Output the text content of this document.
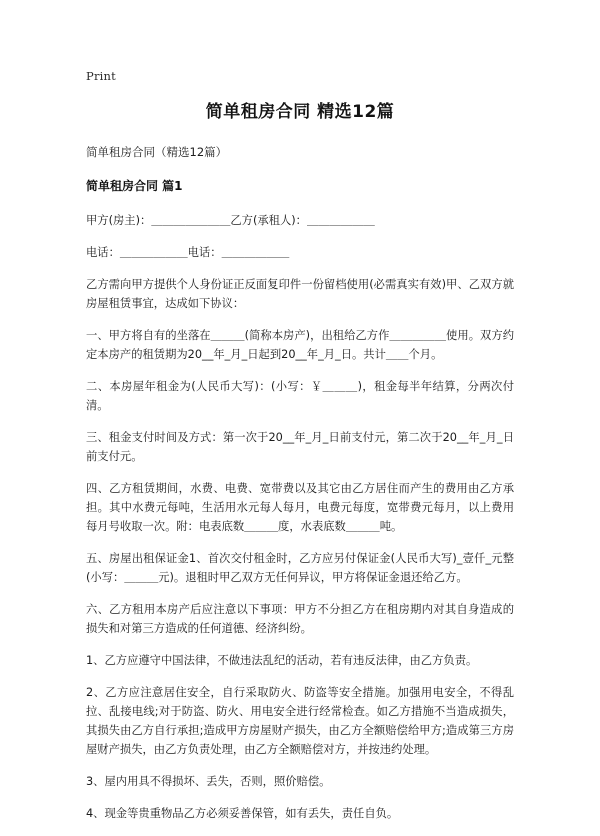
Print
简单租房合同 精选12篇

简单租房合同（精选12篇）

简单租房合同 篇1

甲方(房主)：＿＿＿＿＿＿＿乙方(承租人)：＿＿＿＿＿＿

电话：＿＿＿＿＿＿电话：＿＿＿＿＿＿

乙方需向甲方提供个人身份证正反面复印件一份留档使用(必需真实有效)甲、乙双方就房屋租赁事宜，达成如下协议：

一、甲方将自有的坐落在＿＿＿(简称本房产)，出租给乙方作＿＿＿＿＿使用。双方约定本房产的租赁期为20__年_月_日起到20__年_月_日。共计＿＿个月。

二、本房屋年租金为(人民币大写)：(小写：￥＿＿＿)，租金每半年结算，分两次付清。

三、租金支付时间及方式：第一次于20__年_月_日前支付元，第二次于20__年_月_日前支付元。

四、乙方租赁期间，水费、电费、宽带费以及其它由乙方居住而产生的费用由乙方承担。其中水费元每吨，生活用水元每人每月，电费元每度，宽带费元每月，以上费用每月号收取一次。附：电表底数＿＿＿度，水表底数＿＿＿吨。

五、房屋出租保证金1、首次交付租金时，乙方应另付保证金(人民币大写)_壹仟_元整(小写：＿＿＿元)。退租时甲乙双方无任何异议，甲方将保证金退还给乙方。

六、乙方租用本房产后应注意以下事项：甲方不分担乙方在租房期内对其自身造成的损失和对第三方造成的任何道德、经济纠纷。

1、乙方应遵守中国法律，不做违法乱纪的活动，若有违反法律，由乙方负责。

2、乙方应注意居住安全，自行采取防火、防盗等安全措施。加强用电安全，不得乱拉、乱接电线;对于防盗、防火、用电安全进行经常检查。如乙方措施不当造成损失，其损失由乙方自行承担;造成甲方房屋财产损失，由乙方全额赔偿给甲方;造成第三方房屋财产损失，由乙方负责处理，由乙方全额赔偿对方，并按违约处理。

3、屋内用具不得损坏、丢失，否则，照价赔偿。

4、现金等贵重物品乙方必须妥善保管，如有丢失，责任自负。
